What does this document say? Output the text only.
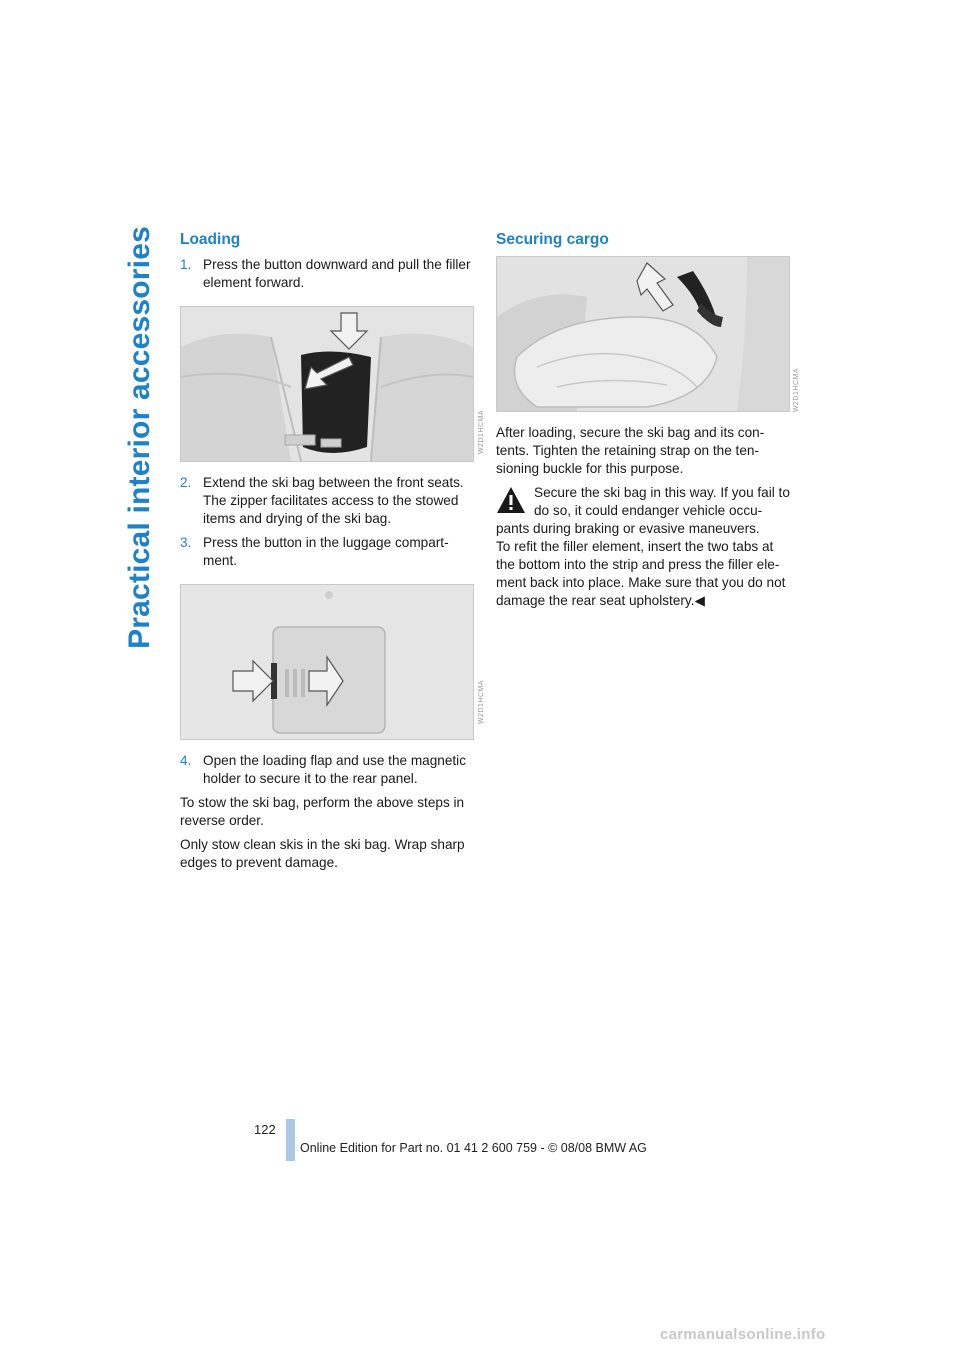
Practical interior accessories Loading
1. Press the button downward and pull the filler element forward.
2. Extend the ski bag between the front seats. The zipper facilitates access to the stowed items and drying of the ski bag.
3. Press the button in the luggage compart-ment.
4. Open the loading flap and use the magnetic holder to secure it to the rear panel.

To stow the ski bag, perform the above steps in reverse order.

Only stow clean skis in the ski bag. Wrap sharp edges to prevent damage.

W2D1HCMA
W2D1HCMA
W2D1HCMA
Securing cargo

After loading, secure the ski bag and its con-tents. Tighten the retaining strap on the ten-sioning buckle for this purpose.

Secure the ski bag in this way. If you fail to do so, it could endanger vehicle occu-pants during braking or evasive maneuvers.

To refit the filler element, insert the two tabs at the bottom into the strip and press the filler ele-ment back into place. Make sure that you do not damage the rear seat upholstery.◀

122
Online Edition for Part no. 01 41 2 600 759 - © 08/08 BMW AG
carmanualsonline.info
